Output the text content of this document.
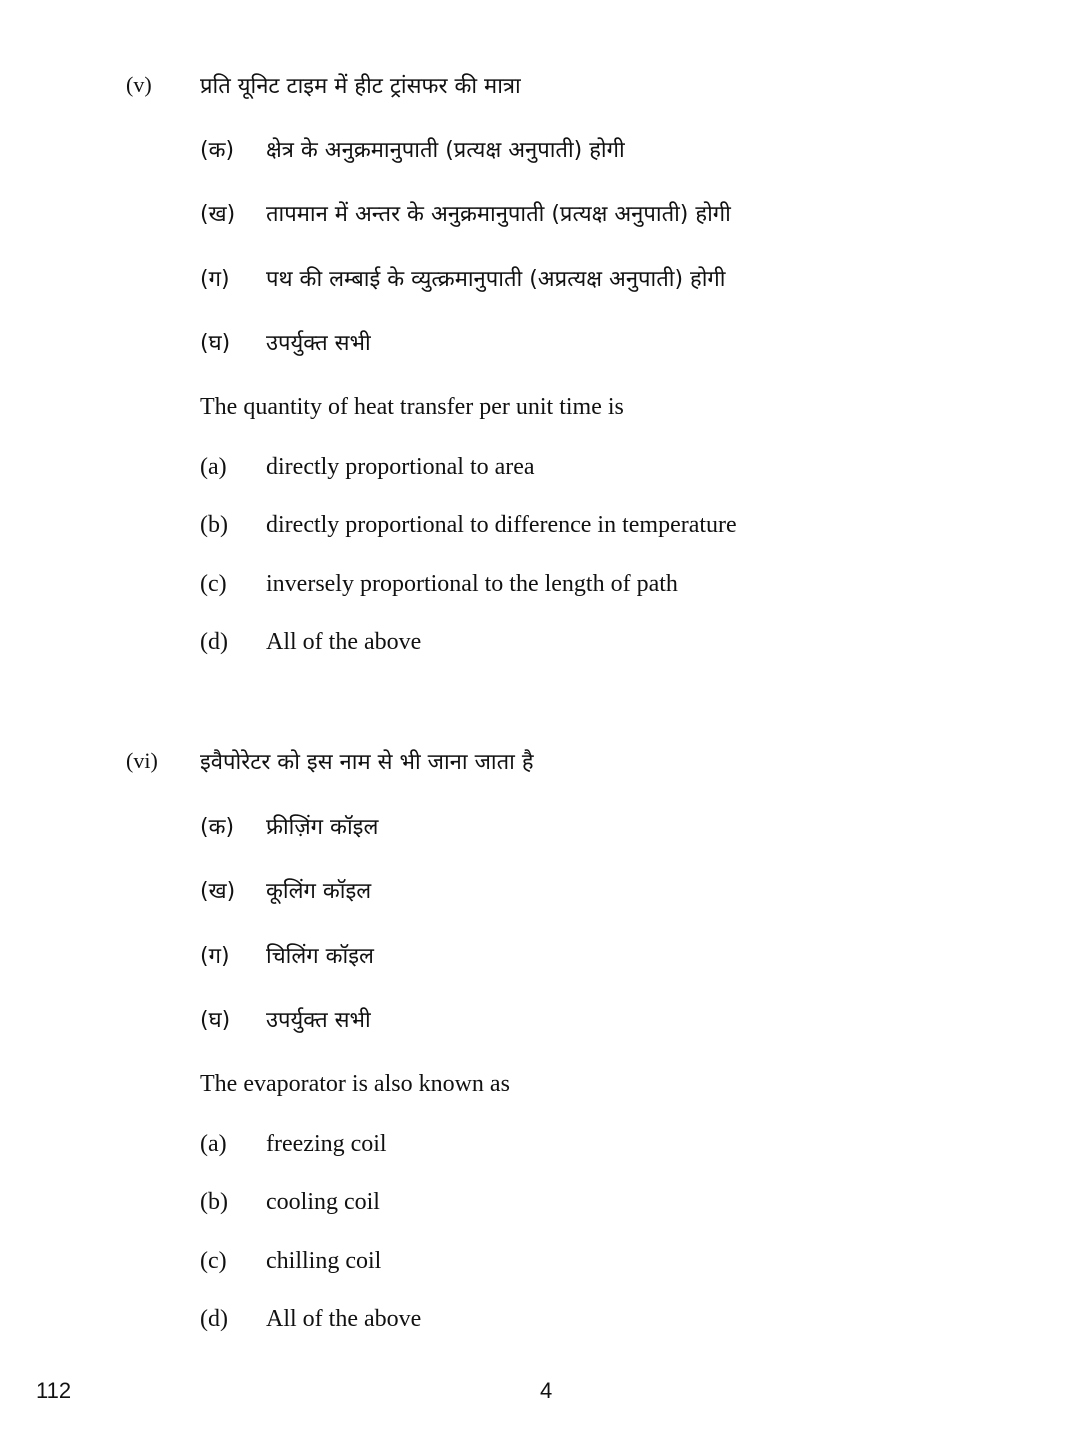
(v) प्रति यूनिट टाइम में हीट ट्रांसफर की मात्रा
(क) क्षेत्र के अनुक्रमानुपाती (प्रत्यक्ष अनुपाती) होगी
(ख) तापमान में अन्तर के अनुक्रमानुपाती (प्रत्यक्ष अनुपाती) होगी
(ग) पथ की लम्बाई के व्युत्क्रमानुपाती (अप्रत्यक्ष अनुपाती) होगी
(घ) उपर्युक्त सभी
The quantity of heat transfer per unit time is
(a) directly proportional to area
(b) directly proportional to difference in temperature
(c) inversely proportional to the length of path
(d) All of the above
(vi) इवैपोरेटर को इस नाम से भी जाना जाता है
(क) फ्रीज़िंग कॉइल
(ख) कूलिंग कॉइल
(ग) चिलिंग कॉइल
(घ) उपर्युक्त सभी
The evaporator is also known as
(a) freezing coil
(b) cooling coil
(c) chilling coil
(d) All of the above
112	4
